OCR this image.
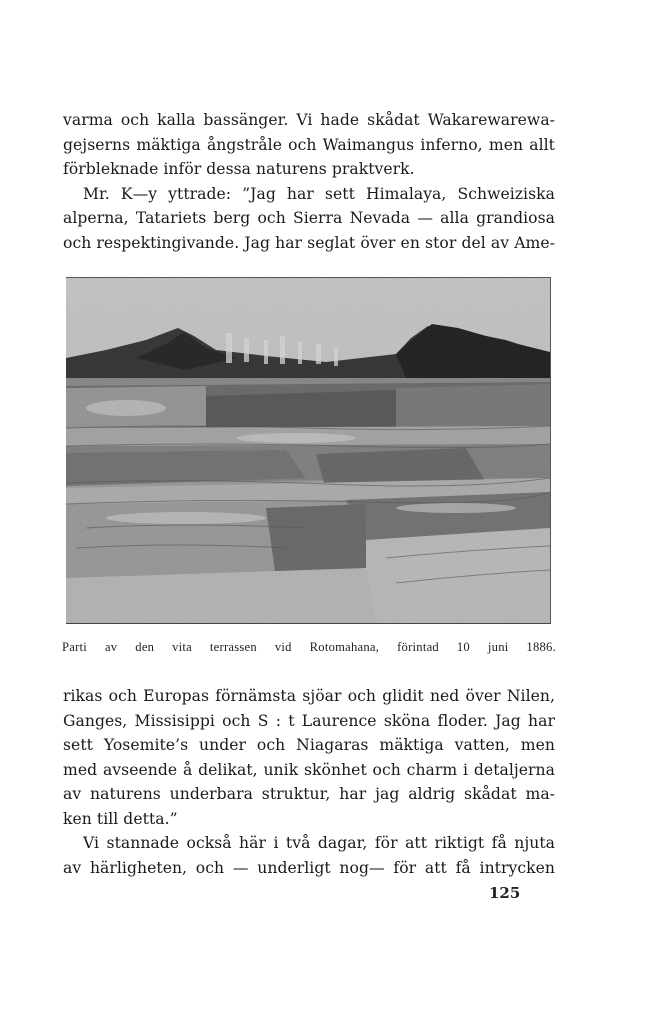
varma och kalla bassänger. Vi hade skådat Wakarewarewa-
gejserns mäktiga ångstråle och Waimangus inferno, men allt
förbleknade inför dessa naturens praktverk.
Mr. K—y yttrade: ”Jag har sett Himalaya, Schweiziska
alperna, Tatariets berg och Sierra Nevada — alla grandiosa
och respektingivande. Jag har seglat över en stor del av Ame-
Parti av den vita terrassen vid Rotomahana, förintad 10 juni 1886.
rikas och Europas förnämsta sjöar och glidit ned över Nilen,
Ganges, Missisippi och S : t Laurence sköna floder. Jag har
sett Yosemite’s under och Niagaras mäktiga vatten, men
med avseende å delikat, unik skönhet och charm i detaljerna
av naturens underbara struktur, har jag aldrig skådat ma-
ken till detta.”
Vi stannade också här i två dagar, för att riktigt få njuta
av härligheten, och — underligt nog— för att få intrycken
125
